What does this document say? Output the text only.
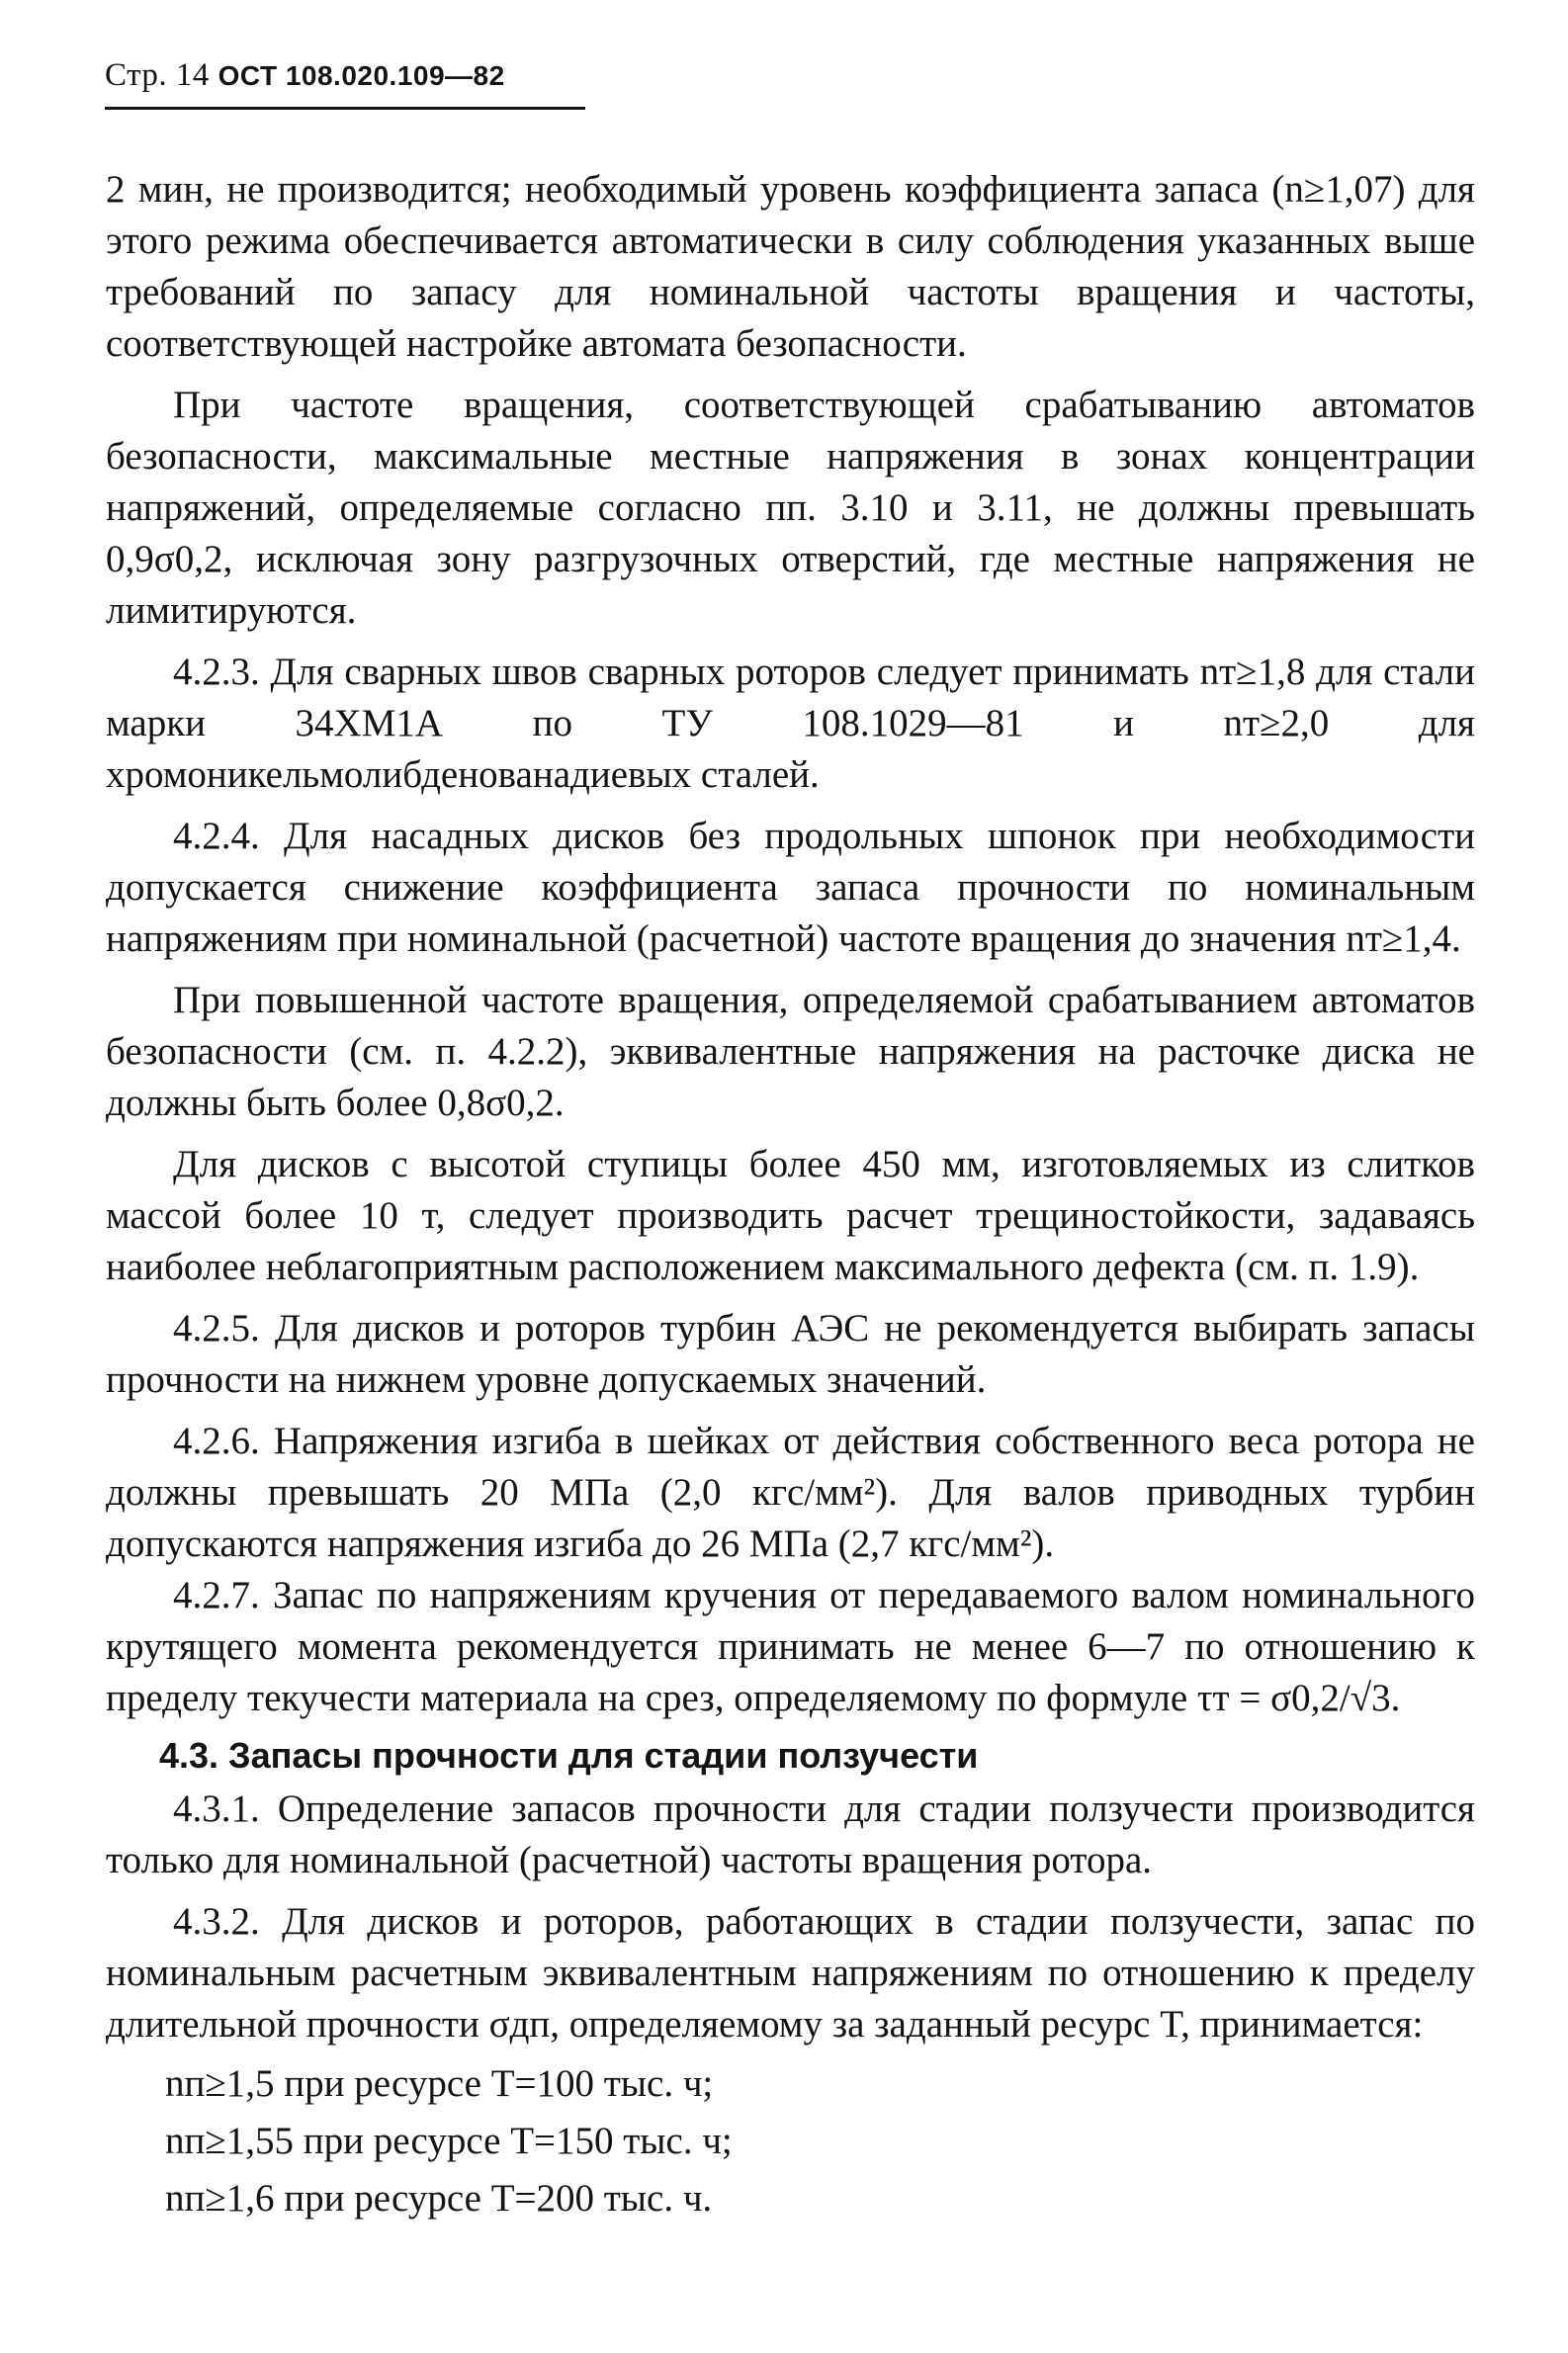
Стр. 14 ОСТ 108.020.109—82

2 мин, не производится; необходимый уровень коэффициента запаса (n≥1,07) для этого режима обеспечивается автоматически в силу соблюдения указанных выше требований по запасу для номинальной частоты вращения и частоты, соответствующей настройке автомата безопасности.

При частоте вращения, соответствующей срабатыванию автоматов безопасности, максимальные местные напряжения в зонах концентрации напряжений, определяемые согласно пп. 3.10 и 3.11, не должны превышать 0,9σ0,2, исключая зону разгрузочных отверстий, где местные напряжения не лимитируются.

4.2.3. Для сварных швов сварных роторов следует принимать nт≥1,8 для стали марки 34ХМ1А по ТУ 108.1029—81 и nт≥2,0 для хромоникельмолибденованадиевых сталей.

4.2.4. Для насадных дисков без продольных шпонок при необходимости допускается снижение коэффициента запаса прочности по номинальным напряжениям при номинальной (расчетной) частоте вращения до значения nт≥1,4.

При повышенной частоте вращения, определяемой срабатыванием автоматов безопасности (см. п. 4.2.2), эквивалентные напряжения на расточке диска не должны быть более 0,8σ0,2.

Для дисков с высотой ступицы более 450 мм, изготовляемых из слитков массой более 10 т, следует производить расчет трещиностойкости, задаваясь наиболее неблагоприятным расположением максимального дефекта (см. п. 1.9).

4.2.5. Для дисков и роторов турбин АЭС не рекомендуется выбирать запасы прочности на нижнем уровне допускаемых значений.

4.2.6. Напряжения изгиба в шейках от действия собственного веса ротора не должны превышать 20 МПа (2,0 кгс/мм²). Для валов приводных турбин допускаются напряжения изгиба до 26 МПа (2,7 кгс/мм²).

4.2.7. Запас по напряжениям кручения от передаваемого валом номинального крутящего момента рекомендуется принимать не менее 6—7 по отношению к пределу текучести материала на срез, определяемому по формуле τт = σ0,2/√3.

4.3. Запасы прочности для стадии ползучести

4.3.1. Определение запасов прочности для стадии ползучести производится только для номинальной (расчетной) частоты вращения ротора.

4.3.2. Для дисков и роторов, работающих в стадии ползучести, запас по номинальным расчетным эквивалентным напряжениям по отношению к пределу длительной прочности σдп, определяемому за заданный ресурс T, принимается:

nп≥1,5 при ресурсе T=100 тыс. ч;

nп≥1,55 при ресурсе T=150 тыс. ч;

nп≥1,6 при ресурсе T=200 тыс. ч.
